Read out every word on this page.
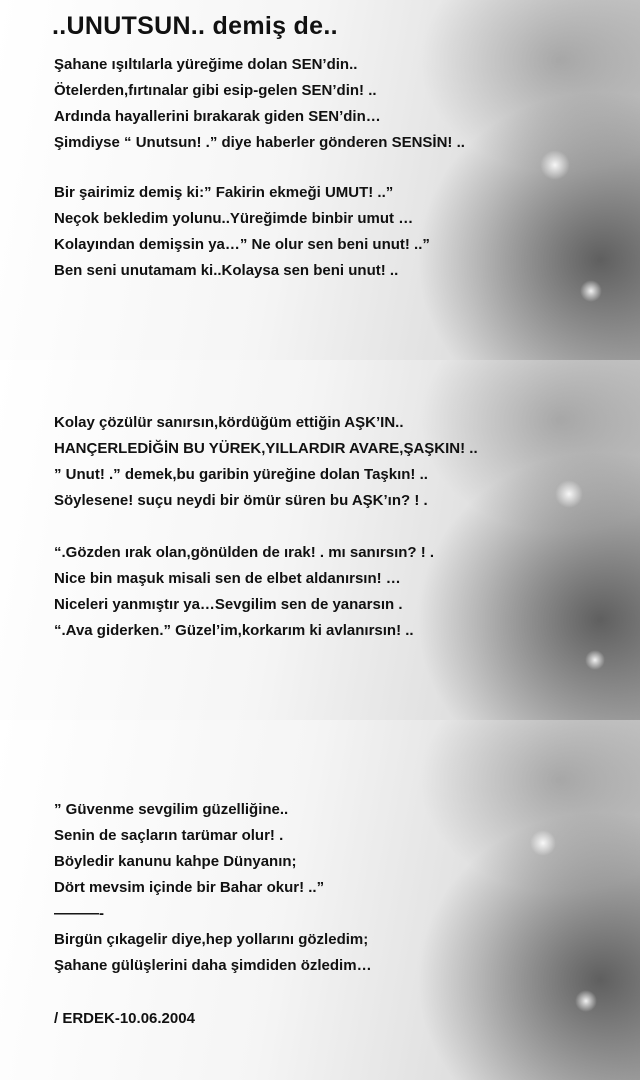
..UNUTSUN.. demiş de..
Şahane ışıltılarla yüreğime dolan SEN’din..
Ötelerden,fırtınalar gibi esip-gelen SEN’din! ..
Ardında hayallerini bırakarak giden SEN’din…
Şimdiyse “ Unutsun! .” diye haberler gönderen SENSİN! ..
Bir şairimiz demiş ki:” Fakirin ekmeği UMUT! ..”
Neçok bekledim yolunu..Yüreğimde binbir umut …
Kolayından demişsin ya…” Ne olur sen beni unut! ..”
Ben seni unutamam ki..Kolaysa sen beni unut! ..
Kolay çözülür sanırsın,kördüğüm ettiğin AŞK’IN..
HANÇERLEDİĞİN BU YÜREK,YILLARDIR AVARE,ŞAŞKIN! ..
” Unut! .” demek,bu garibin yüreğine dolan Taşkın! ..
Söylesene! suçu neydi bir ömür süren bu AŞK’ın? ! .
“.Gözden ırak olan,gönülden de ırak! . mı sanırsın? ! .
Nice bin maşuk misali sen de elbet aldanırsın! …
Niceleri yanmıştır ya…Sevgilim sen de yanarsın .
“.Ava giderken.” Güzel’im,korkarım ki avlanırsın! ..
” Güvenme sevgilim güzelliğine..
Senin de saçların tarümar olur! .
Böyledir kanunu kahpe Dünyanın;
Dört mevsim içinde bir Bahar okur! ..”
———-
Birgün çıkagelir diye,hep yollarını gözledim;
Şahane gülüşlerini daha şimdiden özledim…
/ ERDEK-10.06.2004
